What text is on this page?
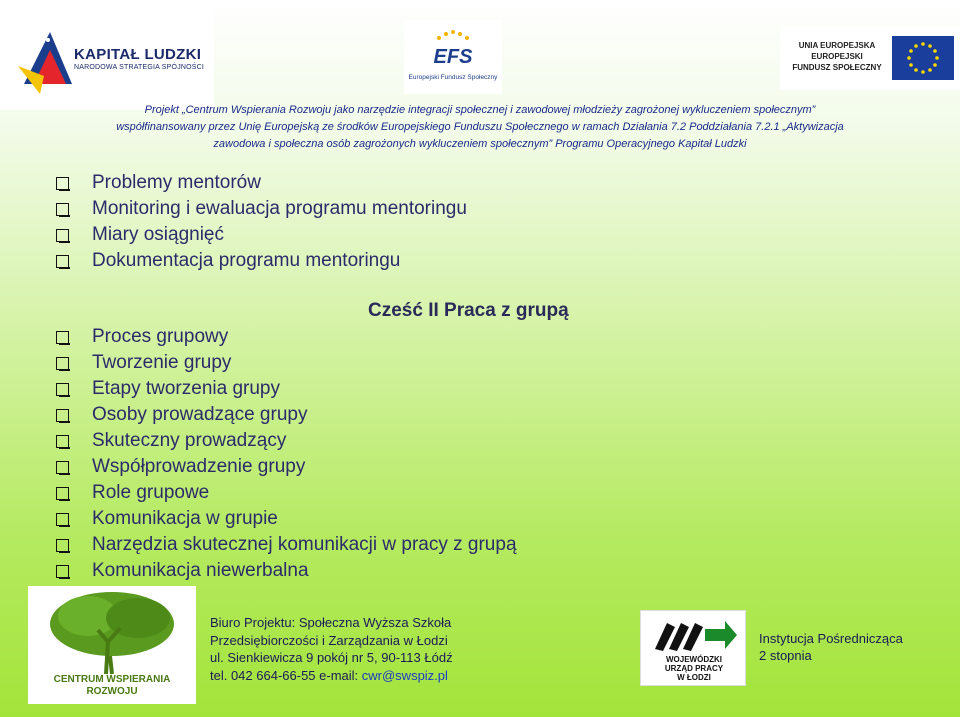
KAPITAŁ LUDZKI
NARODOWA STRATEGIA SPÓJNOŚCI	EFS
Europejski Fundusz Społeczny
UNIA EUROPEJSKA
EUROPEJSKI
FUNDUSZ SPOŁECZNY
Projekt „Centrum Wspierania Rozwoju jako narzędzie integracji społecznej i zawodowej młodzieży zagrożonej wykluczeniem społecznym”
współfinansowany przez Unię Europejską ze środków Europejskiego Funduszu Społecznego w ramach Działania 7.2 Poddziałania 7.2.1 „Aktywizacja
zawodowa i społeczna osób zagrożonych wykluczeniem społecznym” Programu Operacyjnego Kapitał Ludzki
Problemy mentorów
Monitoring i ewaluacja programu mentoringu
Miary osiągnięć
Dokumentacja programu mentoringu
Cześć II Praca z grupą
Proces grupowy
Tworzenie grupy
Etapy tworzenia grupy
Osoby prowadzące grupy
Skuteczny prowadzący
Współprowadzenie grupy
Role grupowe
Komunikacja w grupie
Narzędzia skutecznej komunikacji w pracy z grupą
Komunikacja niewerbalna
CENTRUM WSPIERANIA
ROZWOJU
Biuro Projektu: Społeczna Wyższa Szkoła
Przedsiębiorczości i Zarządzania w Łodzi
ul. Sienkiewicza 9 pokój nr 5, 90-113 Łódź
tel. 042 664-66-55 e-mail: cwr@swspiz.pl
WOJEWÓDZKI
URZĄD PRACY
W ŁODZI
Instytucja Pośrednicząca
2 stopnia
